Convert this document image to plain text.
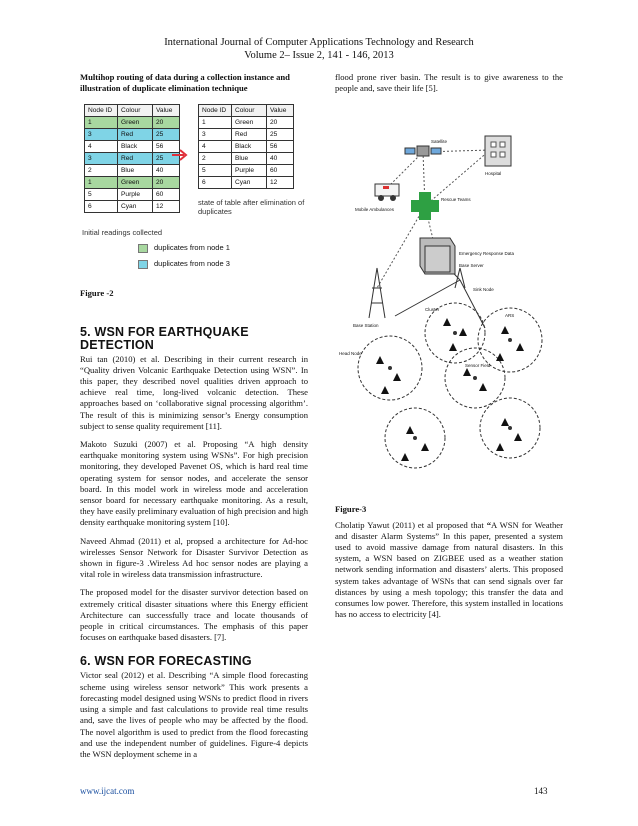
International Journal of Computer Applications Technology and Research
Volume 2– Issue 2, 141 - 146, 2013

Multihop routing of data during a collection instance and illustration of duplicate elimination technique

Node ID	Colour	Value
1	Green	20
3	Red	25
4	Black	56
3	Red	25
2	Blue	40
1	Green	20
5	Purple	60
6	Cyan	12
Node ID	Colour	Value
1	Green	20
3	Red	25
4	Black	56
2	Blue	40
5	Purple	60
6	Cyan	12
state of table after elimination of duplicates
Initial readings collected
duplicates from node 1
duplicates from node 3
Figure -2
5. WSN FOR EARTHQUAKE DETECTION

Rui tan (2010) et al. Describing in their current research in “Quality driven Volcanic Earthquake Detection using WSN”. In this paper, they described novel qualities driven approach to achieve real time, long-lived volcanic detection. These approaches based on ‘collaborative signal processing algorithm’. The result of this is minimizing sensor’s Energy consumption subject to sense quality requirement [11].

Makoto Suzuki (2007) et al. Proposing “A high density earthquake monitoring system using WSNs”. For high precision monitoring, they developed Pavenet OS, which is hard real time operating system for sensor nodes, and accelerate the sensor board. In this model work in wireless mode and acceleration sensor board for necessary earthquake monitoring. As a result, they have easily preliminary evaluation of high precision and high density earthquake monitoring system [10].

Naveed Ahmad (2011) et al, propsed a architecture for Ad-hoc wirelesses Sensor Network for Disaster Survivor Detection as shown in figure-3 .Wireless Ad hoc sensor nodes are playing a vital role in wireless data transmission infrastructure.

The proposed model for the disaster survivor detection based on extremely critical disaster situations where this Energy efficient Architecture can successfully trace and locate thousands of people in critical circumstances. The emphasis of this paper focuses on earthquake based disasters. [7].

6. WSN FOR FORECASTING

Victor seal (2012) et al. Describing “A simple flood forecasting scheme using wireless sensor network” This work presents a forecasting model designed using WSNs to predict flood in rivers using a simple and fast calculations to provide real time results and, save the lives of people who may be affected by the flood. The novel algorithm is used to predict from the flood forecasting and use the independent number of guidelines. Figure-4 depicts the WSN deployment scheme in a

flood prone river basin. The result is to give awareness to the people and, save their life [5].

Satellite
Hospital
Rescue Teams
Mobile Ambulances
Emergency Response Data Base Server
Sink Node
Base Station
Cluster
ARS
Head Node
Sensor Field
Figure-3

Cholatip Yawut (2011) et al proposed that “A WSN for Weather and disaster Alarm Systems” In this paper, presented a system used to avoid massive damage from natural disasters. In this system, a WSN based on ZIGBEE used as a weather station network sending information and disasters’ alerts. This proposed system takes advantage of WSNs that can send signals over far distances by using a mesh topology; this transfer the data and consumes low power. Therefore, this system installed in locations has no access to electricity [4].

www.ijcat.com	143
